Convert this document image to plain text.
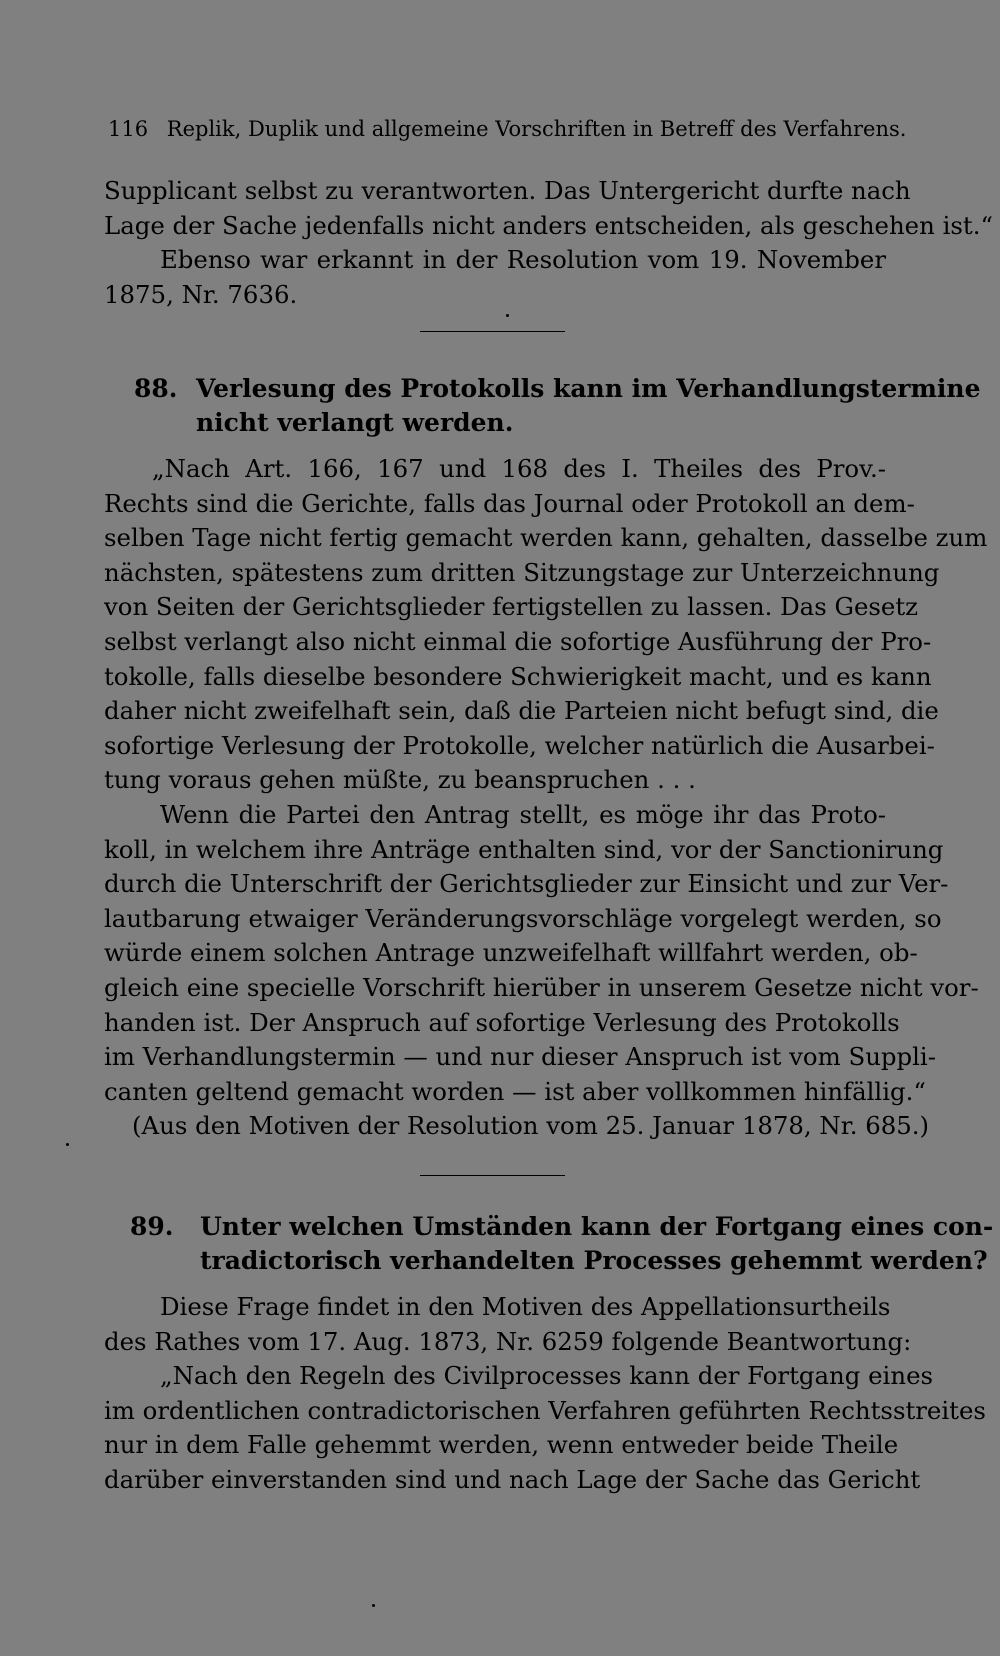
116 Replik, Duplik und allgemeine Vorschriften in Betreff des Verfahrens.
Supplicant selbst zu verantworten. Das Untergericht durfte nach
Lage der Sache jedenfalls nicht anders entscheiden, als geschehen ist.“
Ebenso war erkannt in der Resolution vom 19. November
1875, Nr. 7636.
88. Verlesung des Protokolls kann im Verhandlungstermine
nicht verlangt werden.
„Nach Art. 166, 167 und 168 des I. Theiles des Prov.-
Rechts sind die Gerichte, falls das Journal oder Protokoll an dem-
selben Tage nicht fertig gemacht werden kann, gehalten, dasselbe zum
nächsten, spätestens zum dritten Sitzungstage zur Unterzeichnung
von Seiten der Gerichtsglieder fertigstellen zu lassen. Das Gesetz
selbst verlangt also nicht einmal die sofortige Ausführung der Pro-
tokolle, falls dieselbe besondere Schwierigkeit macht, und es kann
daher nicht zweifelhaft sein, daß die Parteien nicht befugt sind, die
sofortige Verlesung der Protokolle, welcher natürlich die Ausarbei-
tung voraus gehen müßte, zu beanspruchen . . .
Wenn die Partei den Antrag stellt, es möge ihr das Proto-
koll, in welchem ihre Anträge enthalten sind, vor der Sanctionirung
durch die Unterschrift der Gerichtsglieder zur Einsicht und zur Ver-
lautbarung etwaiger Veränderungsvorschläge vorgelegt werden, so
würde einem solchen Antrage unzweifelhaft willfahrt werden, ob-
gleich eine specielle Vorschrift hierüber in unserem Gesetze nicht vor-
handen ist. Der Anspruch auf sofortige Verlesung des Protokolls
im Verhandlungstermin — und nur dieser Anspruch ist vom Suppli-
canten geltend gemacht worden — ist aber vollkommen hinfällig.“
(Aus den Motiven der Resolution vom 25. Januar 1878, Nr. 685.)
89. Unter welchen Umständen kann der Fortgang eines con-
tradictorisch verhandelten Processes gehemmt werden?
Diese Frage findet in den Motiven des Appellationsurtheils
des Rathes vom 17. Aug. 1873, Nr. 6259 folgende Beantwortung:
„Nach den Regeln des Civilprocesses kann der Fortgang eines
im ordentlichen contradictorischen Verfahren geführten Rechtsstreites
nur in dem Falle gehemmt werden, wenn entweder beide Theile
darüber einverstanden sind und nach Lage der Sache das Gericht
